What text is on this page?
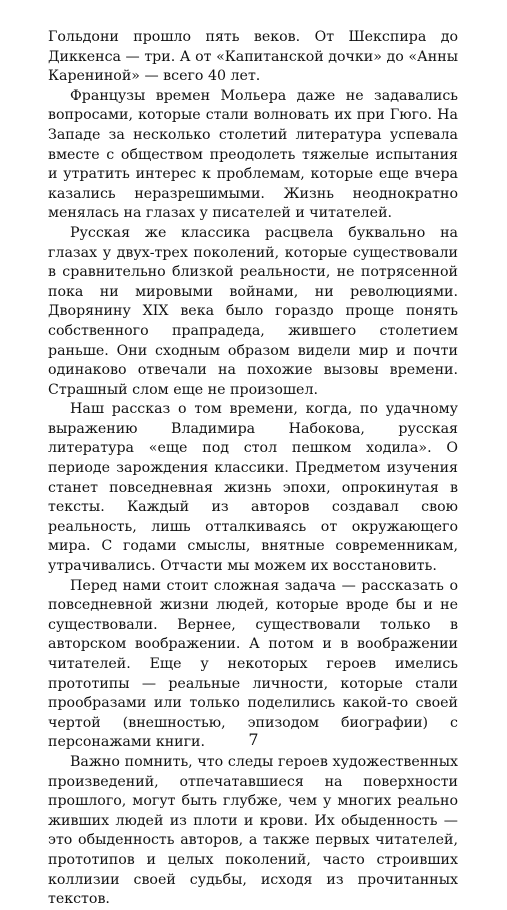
Гольдони прошло пять веков. От Шекспира до Диккенса — три. А от «Капитанской дочки» до «Анны Карениной» — всего 40 лет.

Французы времен Мольера даже не задавались вопросами, которые стали волновать их при Гюго. На Западе за несколько столетий литература успевала вместе с обществом преодолеть тяжелые испытания и утратить интерес к проблемам, которые еще вчера казались неразрешимыми. Жизнь неоднократно менялась на глазах у писателей и читателей.

Русская же классика расцвела буквально на глазах у двух-трех поколений, которые существовали в сравнительно близкой реальности, не потрясенной пока ни мировыми войнами, ни революциями. Дворянину XIX века было гораздо проще понять собственного прапрадеда, жившего столетием раньше. Они сходным образом видели мир и почти одинаково отвечали на похожие вызовы времени. Страшный слом еще не произошел.

Наш рассказ о том времени, когда, по удачному выражению Владимира Набокова, русская литература «еще под стол пешком ходила». О периоде зарождения классики. Предметом изучения станет повседневная жизнь эпохи, опрокинутая в тексты. Каждый из авторов создавал свою реальность, лишь отталкиваясь от окружающего мира. С годами смыслы, внятные современникам, утрачивались. Отчасти мы можем их восстановить.

Перед нами стоит сложная задача — рассказать о повседневной жизни людей, которые вроде бы и не существовали. Вернее, существовали только в авторском воображении. А потом и в воображении читателей. Еще у некоторых героев имелись прототипы — реальные личности, которые стали прообразами или только поделились какой-то своей чертой (внешностью, эпизодом биографии) с персонажами книги.

Важно помнить, что следы героев художественных произведений, отпечатавшиеся на поверхности прошлого, могут быть глубже, чем у многих реально живших людей из плоти и крови. Их обыденность — это обыденность авторов, а также первых читателей, прототипов и целых поколений, часто строивших коллизии своей судьбы, исходя из прочитанных текстов.

7
